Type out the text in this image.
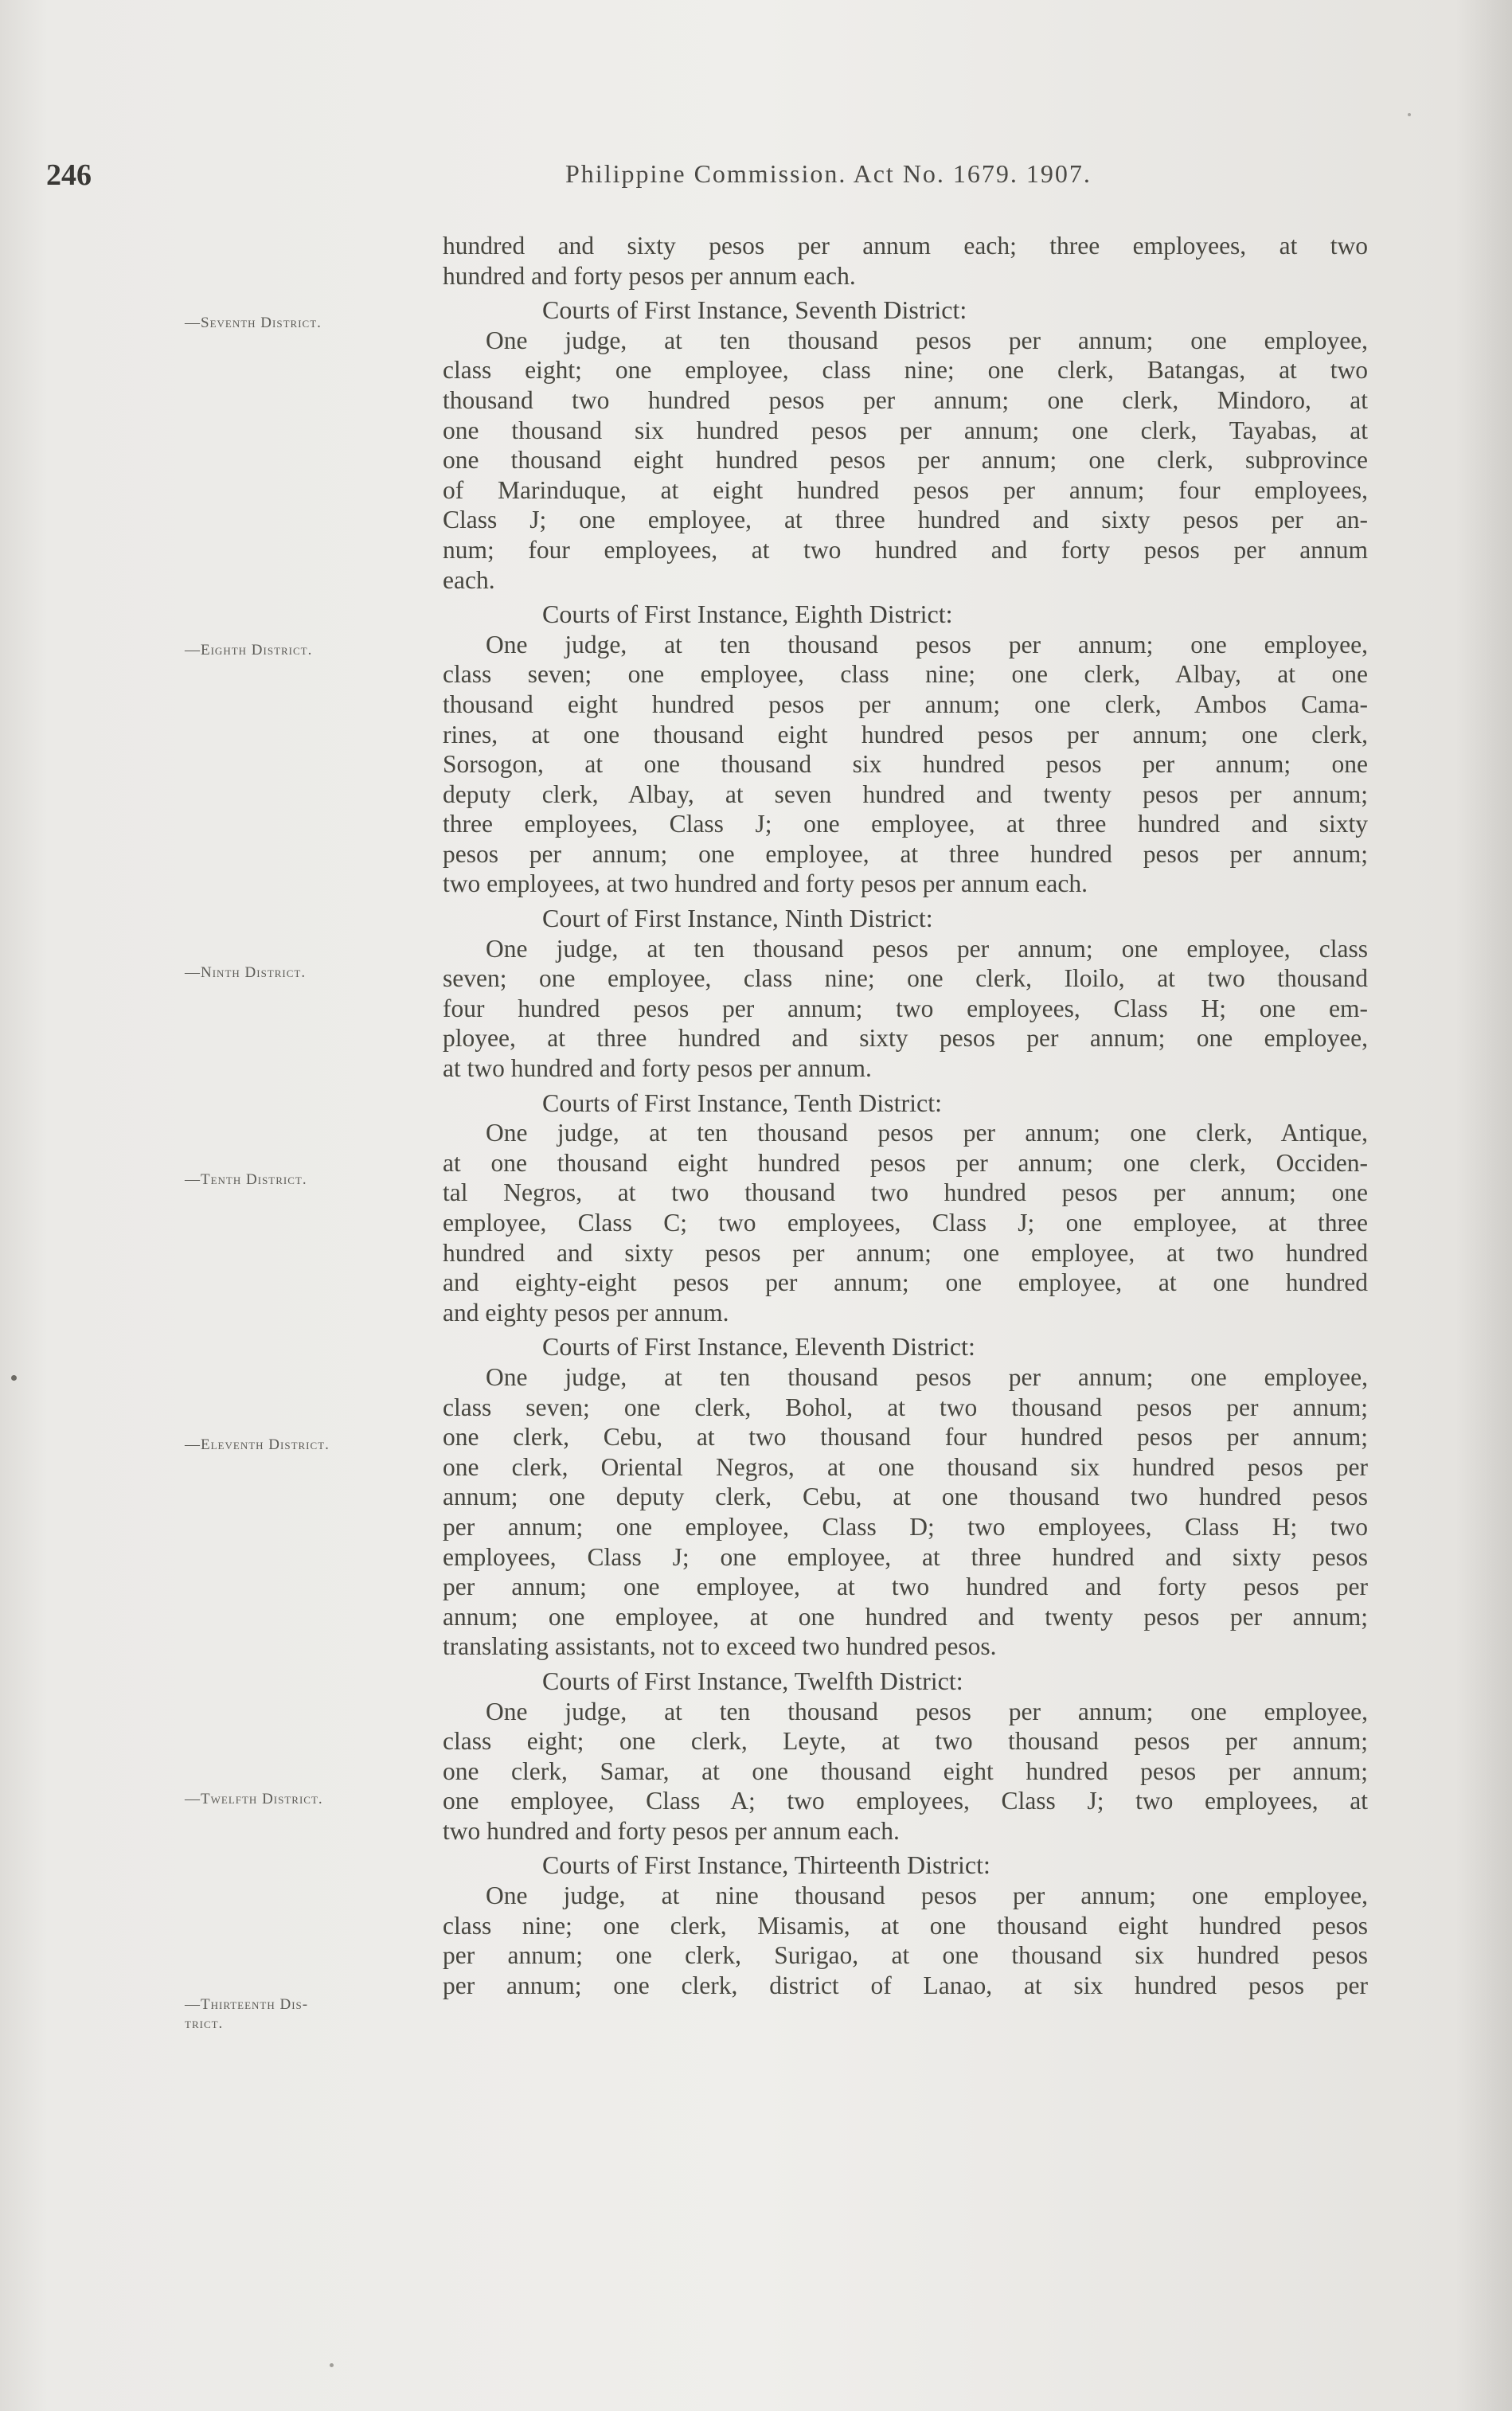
246	Philippine Commission. Act No. 1679. 1907.
—Seventh District.
—Eighth District.
—Ninth District.
—Tenth District.
—Eleventh District.
—Twelfth District.
—Thirteenth Dis-
trict.
hundred and sixty pesos per annum each; three employees, at two
hundred and forty pesos per annum each.
Courts of First Instance, Seventh District:
One judge, at ten thousand pesos per annum; one employee,
class eight; one employee, class nine; one clerk, Batangas, at two
thousand two hundred pesos per annum; one clerk, Mindoro, at
one thousand six hundred pesos per annum; one clerk, Tayabas, at
one thousand eight hundred pesos per annum; one clerk, subprovince
of Marinduque, at eight hundred pesos per annum; four employees,
Class J; one employee, at three hundred and sixty pesos per an-
num; four employees, at two hundred and forty pesos per annum
each.
Courts of First Instance, Eighth District:
One judge, at ten thousand pesos per annum; one employee,
class seven; one employee, class nine; one clerk, Albay, at one
thousand eight hundred pesos per annum; one clerk, Ambos Cama-
rines, at one thousand eight hundred pesos per annum; one clerk,
Sorsogon, at one thousand six hundred pesos per annum; one
deputy clerk, Albay, at seven hundred and twenty pesos per annum;
three employees, Class J; one employee, at three hundred and sixty
pesos per annum; one employee, at three hundred pesos per annum;
two employees, at two hundred and forty pesos per annum each.
Court of First Instance, Ninth District:
One judge, at ten thousand pesos per annum; one employee, class
seven; one employee, class nine; one clerk, Iloilo, at two thousand
four hundred pesos per annum; two employees, Class H; one em-
ployee, at three hundred and sixty pesos per annum; one employee,
at two hundred and forty pesos per annum.
Courts of First Instance, Tenth District:
One judge, at ten thousand pesos per annum; one clerk, Antique,
at one thousand eight hundred pesos per annum; one clerk, Occiden-
tal Negros, at two thousand two hundred pesos per annum; one
employee, Class C; two employees, Class J; one employee, at three
hundred and sixty pesos per annum; one employee, at two hundred
and eighty-eight pesos per annum; one employee, at one hundred
and eighty pesos per annum.
Courts of First Instance, Eleventh District:
One judge, at ten thousand pesos per annum; one employee,
class seven; one clerk, Bohol, at two thousand pesos per annum;
one clerk, Cebu, at two thousand four hundred pesos per annum;
one clerk, Oriental Negros, at one thousand six hundred pesos per
annum; one deputy clerk, Cebu, at one thousand two hundred pesos
per annum; one employee, Class D; two employees, Class H; two
employees, Class J; one employee, at three hundred and sixty pesos
per annum; one employee, at two hundred and forty pesos per
annum; one employee, at one hundred and twenty pesos per annum;
translating assistants, not to exceed two hundred pesos.
Courts of First Instance, Twelfth District:
One judge, at ten thousand pesos per annum; one employee,
class eight; one clerk, Leyte, at two thousand pesos per annum;
one clerk, Samar, at one thousand eight hundred pesos per annum;
one employee, Class A; two employees, Class J; two employees, at
two hundred and forty pesos per annum each.
Courts of First Instance, Thirteenth District:
One judge, at nine thousand pesos per annum; one employee,
class nine; one clerk, Misamis, at one thousand eight hundred pesos
per annum; one clerk, Surigao, at one thousand six hundred pesos
per annum; one clerk, district of Lanao, at six hundred pesos per
